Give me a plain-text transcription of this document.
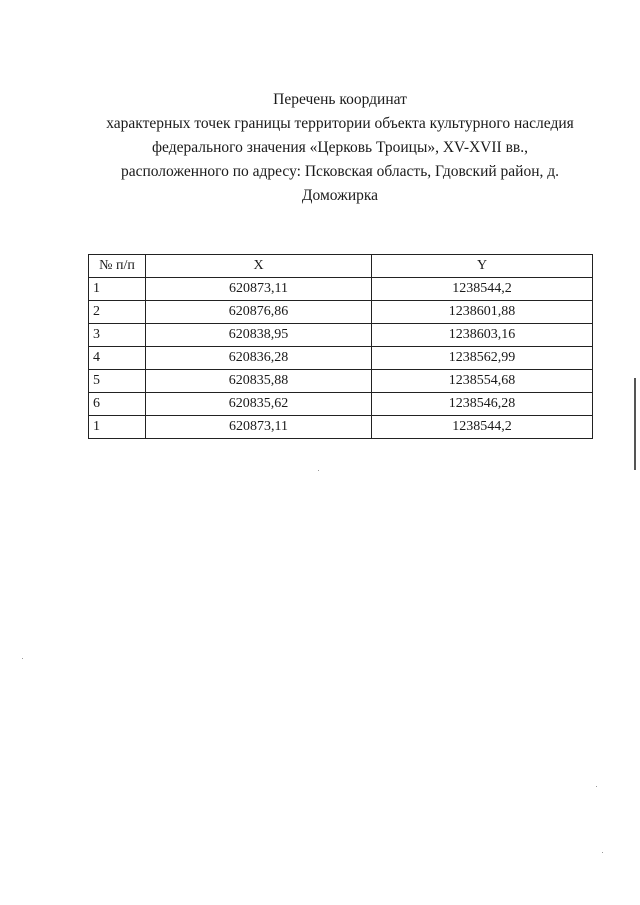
Перечень координат
характерных точек границы территории объекта культурного наследия
федерального значения «Церковь Троицы», XV-XVII вв.,
расположенного по адресу: Псковская область, Гдовский район, д.
Доможирка
№ п/п	X	Y
1	620873,11	1238544,2
2	620876,86	1238601,88
3	620838,95	1238603,16
4	620836,28	1238562,99
5	620835,88	1238554,68
6	620835,62	1238546,28
1	620873,11	1238544,2
